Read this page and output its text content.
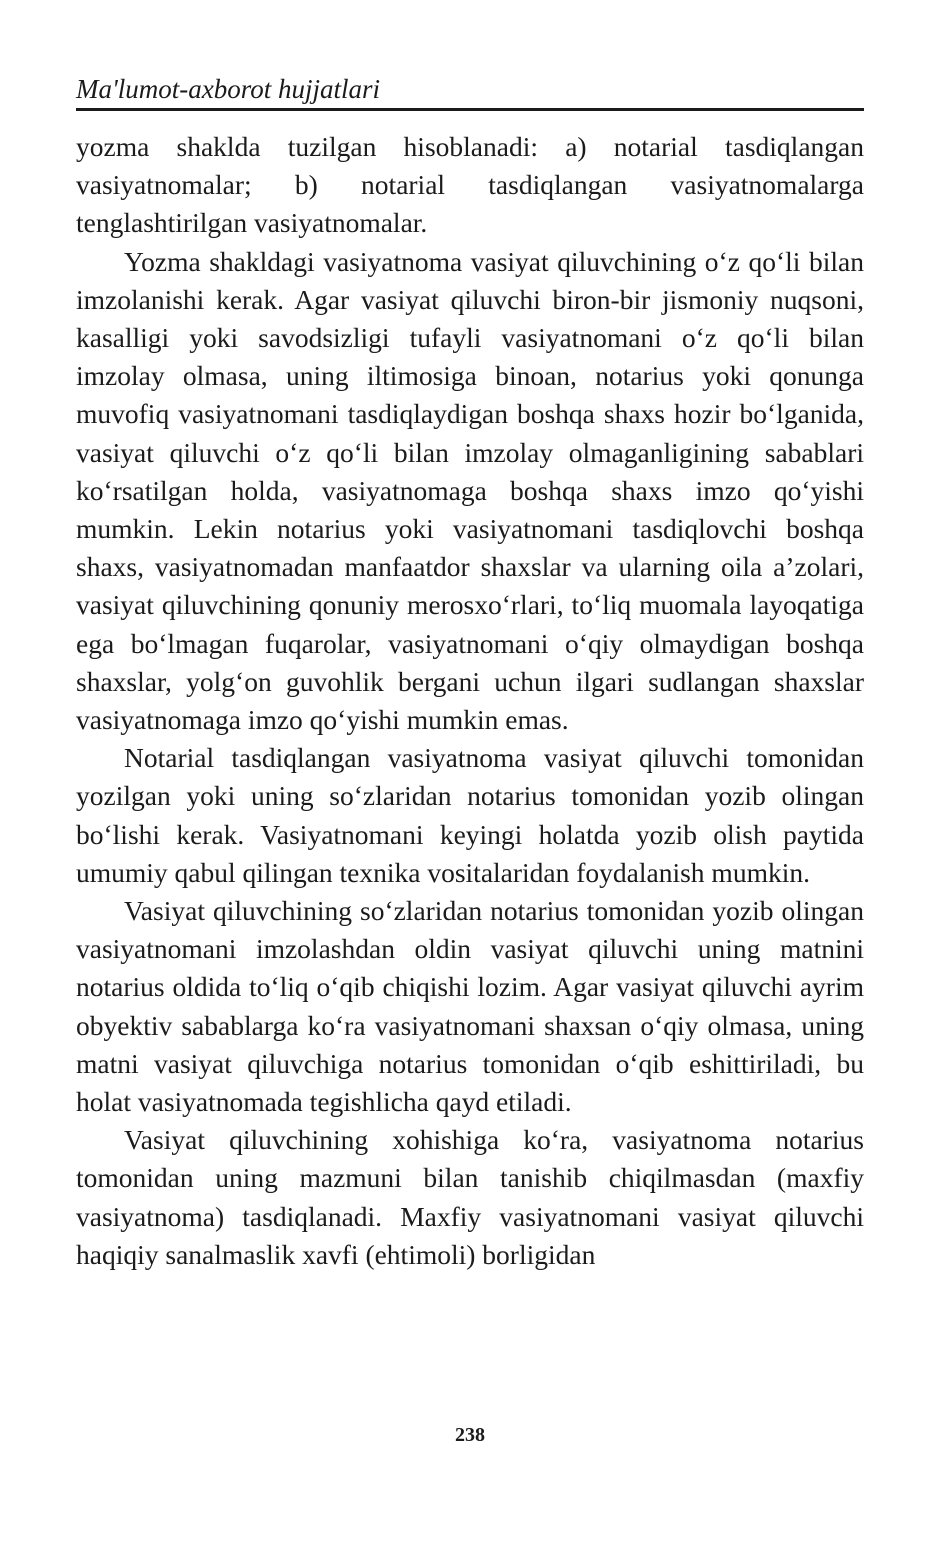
Ma'lumot-axborot hujjatlari

yozma shaklda tuzilgan hisoblanadi: a) notarial tasdiqlangan vasiyatnomalar; b) notarial tasdiqlangan vasiyatnomalarga tenglashtirilgan vasiyatnomalar.

Yozma shakldagi vasiyatnoma vasiyat qiluvchining o‘z qo‘li bilan imzolanishi kerak. Agar vasiyat qiluvchi biron-bir jismoniy nuqsoni, kasalligi yoki savodsizligi tufayli vasiyatnomani o‘z qo‘li bilan imzolay olmasa, uning iltimosiga binoan, notarius yoki qonunga muvofiq vasiyatnomani tasdiqlaydigan boshqa shaxs hozir bo‘lganida, vasiyat qiluvchi o‘z qo‘li bilan imzolay olmaganligining sabablari ko‘rsatilgan holda, vasiyatnomaga boshqa shaxs imzo qo‘yishi mumkin. Lekin notarius yoki vasiyatnomani tasdiqlovchi boshqa shaxs, vasiyatnomadan manfaatdor shaxslar va ularning oila a’zolari, vasiyat qiluvchining qonuniy merosxo‘rlari, to‘liq muomala layoqatiga ega bo‘lmagan fuqarolar, vasiyatnomani o‘qiy olmaydigan boshqa shaxslar, yolg‘on guvohlik bergani uchun ilgari sudlangan shaxslar vasiyatnomaga imzo qo‘yishi mumkin emas.

Notarial tasdiqlangan vasiyatnoma vasiyat qiluvchi tomonidan yozilgan yoki uning so‘zlaridan notarius tomonidan yozib olingan bo‘lishi kerak. Vasiyatnomani keyingi holatda yozib olish paytida umumiy qabul qilingan texnika vositalaridan foydalanish mumkin.

Vasiyat qiluvchining so‘zlaridan notarius tomonidan yozib olingan vasiyatnomani imzolashdan oldin vasiyat qiluvchi uning matnini notarius oldida to‘liq o‘qib chiqishi lozim. Agar vasiyat qiluvchi ayrim obyektiv sabablarga ko‘ra vasiyatnomani shaxsan o‘qiy olmasa, uning matni vasiyat qiluvchiga notarius tomonidan o‘qib eshittiriladi, bu holat vasiyatnomada tegishlicha qayd etiladi.

Vasiyat qiluvchining xohishiga ko‘ra, vasiyatnoma notarius tomonidan uning mazmuni bilan tanishib chiqilmasdan (maxfiy vasiyatnoma) tasdiqlanadi. Maxfiy vasiyatnomani vasiyat qiluvchi haqiqiy sanalmaslik xavfi (ehtimoli) borligidan

238
